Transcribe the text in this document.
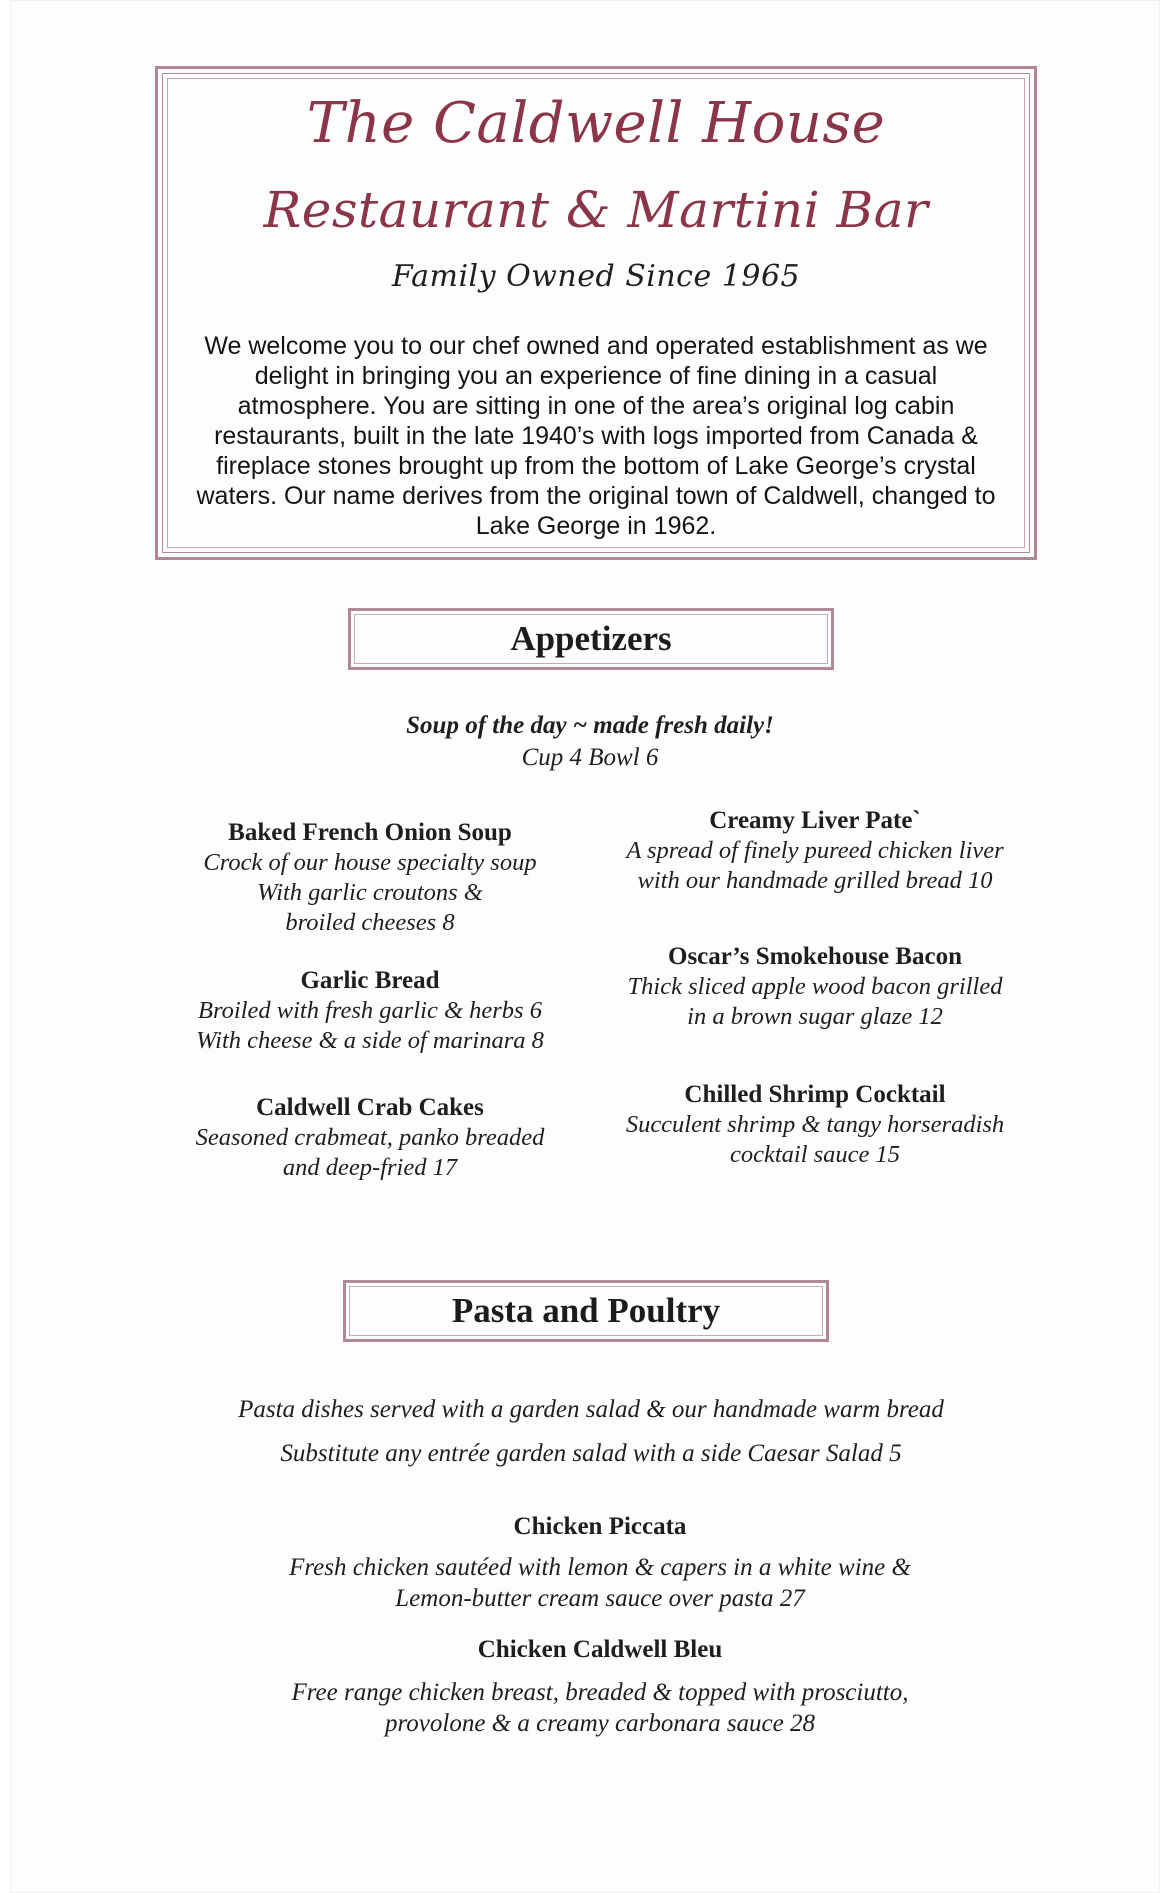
The Caldwell House
Restaurant & Martini Bar
Family Owned Since 1965
We welcome you to our chef owned and operated establishment as we delight in bringing you an experience of fine dining in a casual atmosphere. You are sitting in one of the area’s original log cabin restaurants, built in the late 1940’s with logs imported from Canada & fireplace stones brought up from the bottom of Lake George’s crystal waters. Our name derives from the original town of Caldwell, changed to Lake George in 1962.
Appetizers
Soup of the day ~ made fresh daily!
Cup 4 Bowl 6
Baked French Onion Soup
Crock of our house specialty soup
With garlic croutons &
broiled cheeses 8
Garlic Bread
Broiled with fresh garlic & herbs 6
With cheese & a side of marinara 8
Caldwell Crab Cakes
Seasoned crabmeat, panko breaded
and deep-fried 17
Creamy Liver Pate`
A spread of finely pureed chicken liver
with our handmade grilled bread 10
Oscar’s Smokehouse Bacon
Thick sliced apple wood bacon grilled
in a brown sugar glaze 12
Chilled Shrimp Cocktail
Succulent shrimp & tangy horseradish
cocktail sauce 15
Pasta and Poultry
Pasta dishes served with a garden salad & our handmade warm bread
Substitute any entrée garden salad with a side Caesar Salad 5
Chicken Piccata
Fresh chicken sautéed with lemon & capers in a white wine &
Lemon-butter cream sauce over pasta 27
Chicken Caldwell Bleu
Free range chicken breast, breaded & topped with prosciutto,
provolone & a creamy carbonara sauce 28
